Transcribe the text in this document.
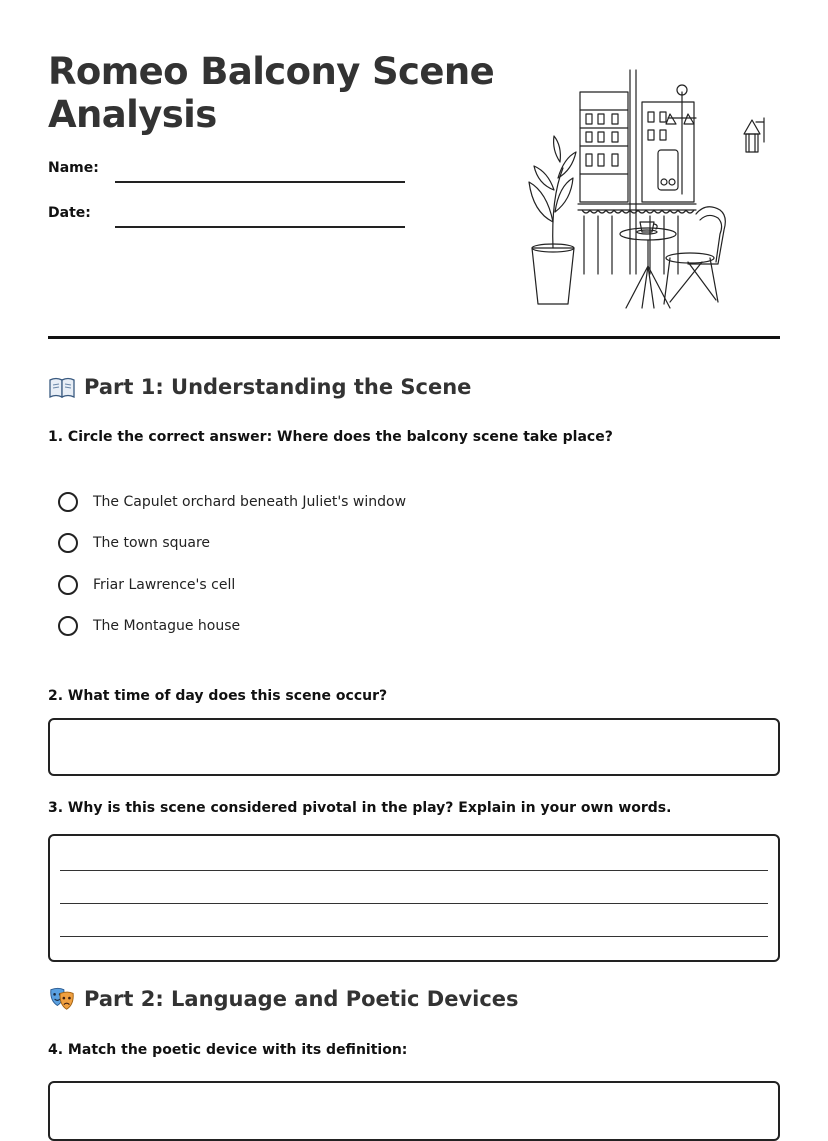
Romeo Balcony Scene Analysis
Name:
Date:
Part 1: Understanding the Scene
1. Circle the correct answer: Where does the balcony scene take place?
The Capulet orchard beneath Juliet's window
The town square
Friar Lawrence's cell
The Montague house
2. What time of day does this scene occur?
3. Why is this scene considered pivotal in the play? Explain in your own words.
Part 2: Language and Poetic Devices
4. Match the poetic device with its definition:
